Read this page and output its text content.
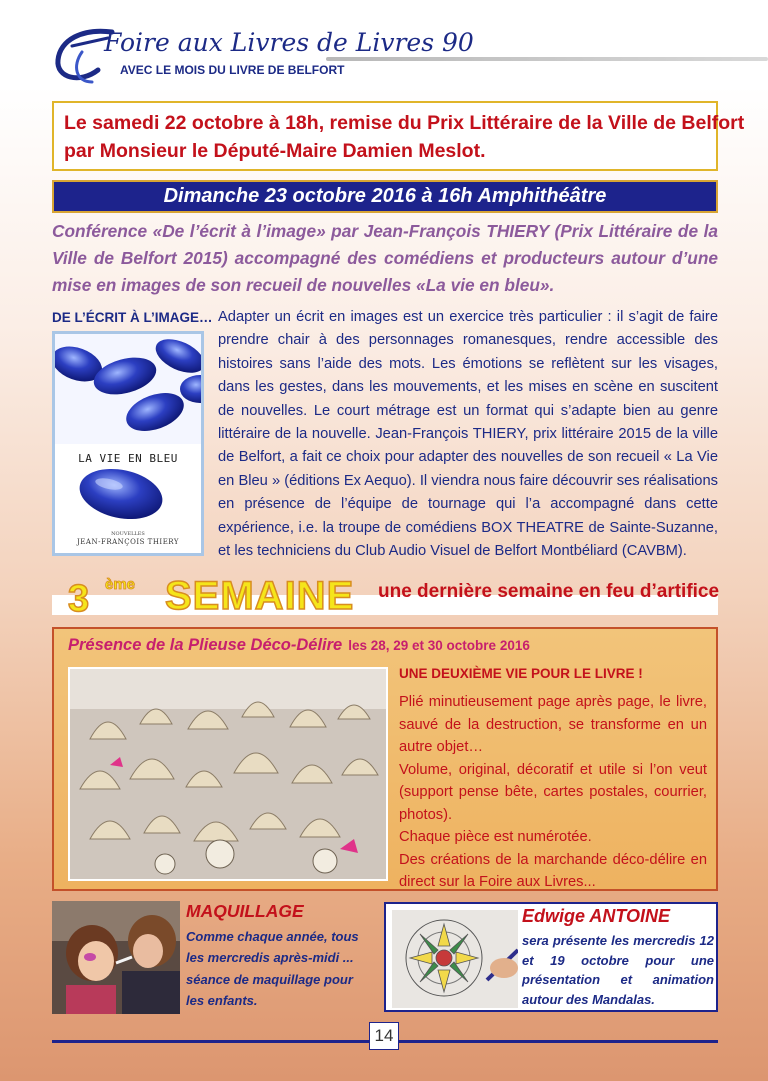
Foire aux Livres de Livres 90
AVEC LE MOIS DU LIVRE DE BELFORT
Le samedi 22 octobre à 18h, remise du Prix Littéraire de la Ville de Belfort
par Monsieur le Député-Maire Damien Meslot.
Dimanche 23 octobre 2016 à 16h Amphithéâtre
Conférence «De l’écrit à l’image» par Jean-François THIERY (Prix Littéraire de la Ville de Belfort 2015) accompagné des comédiens et producteurs autour d’une mise en images de son recueil de nouvelles «La vie en bleu».
DE L’ÉCRIT À L’IMAGE…
LA VIE EN BLEU
NOUVELLES
JEAN-FRANÇOIS THIERY
Adapter un écrit en images est un exercice très particulier : il s’agit de faire prendre chair à des personnages romanesques, rendre accessible des histoires sans l’aide des mots. Les émotions se reflètent sur les visages, dans les gestes, dans les mouvements, et les mises en scène en suscitent de nouvelles. Le court métrage est un format qui s’adapte bien au genre littéraire de la nouvelle. Jean-François THIERY, prix littéraire 2015 de la ville de Belfort, a fait ce choix pour adapter des nouvelles de son recueil « La Vie en Bleu » (éditions Ex Aequo). Il viendra nous faire découvrir ses réalisations en présence de l’équipe de tournage qui l’a accompagné dans cette expérience, i.e. la troupe de comédiens BOX THEATRE de Sainte-Suzanne, et les techniciens du Club Audio Visuel de Belfort Montbéliard (CAVBM).
3 ème SEMAINE une dernière semaine en feu d’artifice
Présence de la Plieuse Déco-Délire les 28, 29 et 30 octobre 2016
UNE DEUXIÈME VIE POUR LE LIVRE !
Plié minutieusement page après page, le livre, sauvé de la destruction, se transforme en un autre objet…
Volume, original, décoratif et utile si l’on veut (support pense bête, cartes postales, courrier, photos).
Chaque pièce est numérotée.
Des créations de la marchande déco-délire en direct sur la Foire aux Livres...
MAQUILLAGE
Comme chaque année, tous les mercredis après-midi ... séance de maquillage pour les enfants.
Edwige ANTOINE
sera présente les mercredis 12 et 19 octobre pour une présentation et animation autour des Mandalas.
14
